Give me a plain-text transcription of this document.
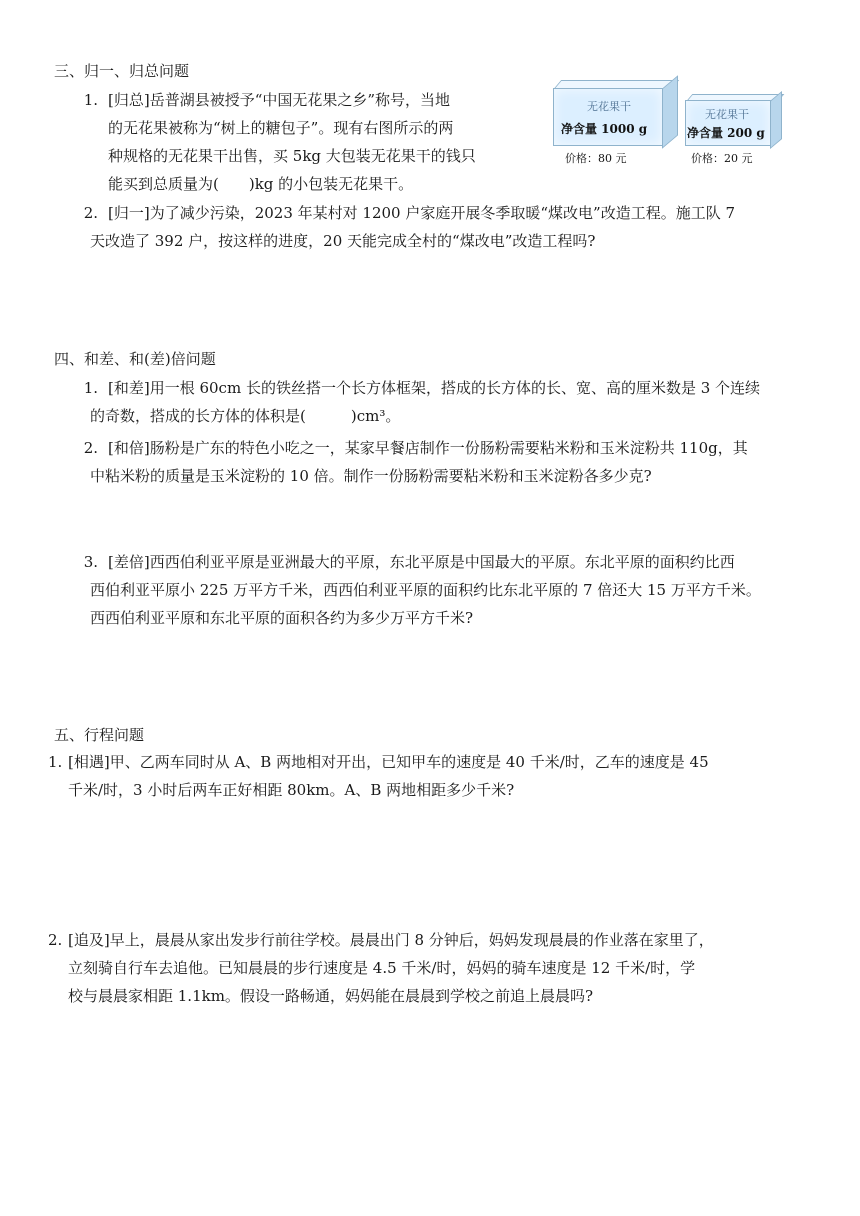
三、归一、归总问题
1. [归总]岳普湖县被授予“中国无花果之乡”称号，当地
的无花果被称为“树上的糖包子”。现有右图所示的两
种规格的无花果干出售，买 5kg 大包装无花果干的钱只
能买到总质量为(　　)kg 的小包装无花果干。
无花果干
净含量 1000 g
价格：80 元
无花果干
净含量 200 g
价格：20 元
2. [归一]为了减少污染，2023 年某村对 1200 户家庭开展冬季取暖“煤改电”改造工程。施工队 7
天改造了 392 户，按这样的进度，20 天能完成全村的“煤改电”改造工程吗?
四、和差、和(差)倍问题
1. [和差]用一根 60cm 长的铁丝搭一个长方体框架，搭成的长方体的长、宽、高的厘米数是 3 个连续
的奇数，搭成的长方体的体积是(　　　)cm³。
2. [和倍]肠粉是广东的特色小吃之一，某家早餐店制作一份肠粉需要粘米粉和玉米淀粉共 110g，其
中粘米粉的质量是玉米淀粉的 10 倍。制作一份肠粉需要粘米粉和玉米淀粉各多少克?
3. [差倍]西西伯利亚平原是亚洲最大的平原，东北平原是中国最大的平原。东北平原的面积约比西
西伯利亚平原小 225 万平方千米，西西伯利亚平原的面积约比东北平原的 7 倍还大 15 万平方千米。
西西伯利亚平原和东北平原的面积各约为多少万平方千米?
五、行程问题
1. [相遇]甲、乙两车同时从 A、B 两地相对开出，已知甲车的速度是 40 千米/时，乙车的速度是 45
千米/时，3 小时后两车正好相距 80km。A、B 两地相距多少千米?
2. [追及]早上，晨晨从家出发步行前往学校。晨晨出门 8 分钟后，妈妈发现晨晨的作业落在家里了，
立刻骑自行车去追他。已知晨晨的步行速度是 4.5 千米/时，妈妈的骑车速度是 12 千米/时，学
校与晨晨家相距 1.1km。假设一路畅通，妈妈能在晨晨到学校之前追上晨晨吗?
